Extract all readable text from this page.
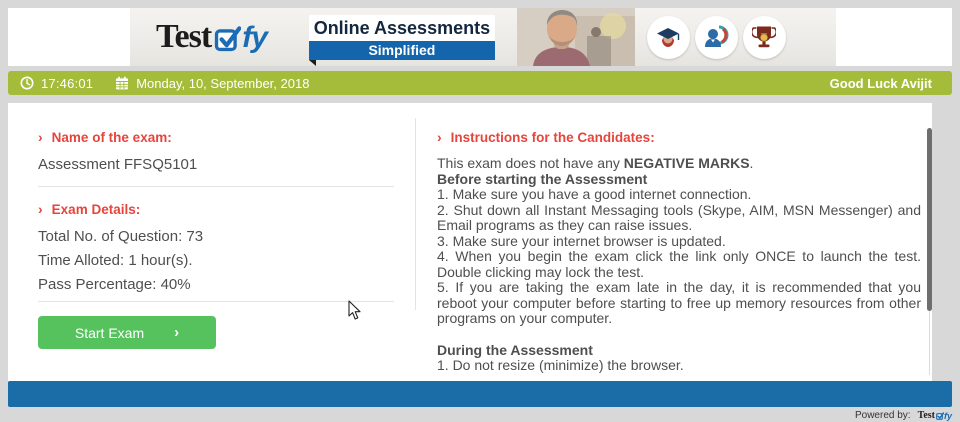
Test fy	Online Assessments
Simplified
17:46:01	Monday, 10, September, 2018	Good Luck Avijit
› Name of the exam:
Assessment FFSQ5101
› Exam Details:
Total No. of Question: 73
Time Alloted: 1 hour(s).
Pass Percentage: 40%
Start Exam ›
› Instructions for the Candidates:
This exam does not have any NEGATIVE MARKS.
Before starting the Assessment
1. Make sure you have a good internet connection.
2. Shut down all Instant Messaging tools (Skype, AIM, MSN Messenger) and Email programs as they can raise issues.
3. Make sure your internet browser is updated.
4. When you begin the exam click the link only ONCE to launch the test. Double clicking may lock the test.
5. If you are taking the exam late in the day, it is recommended that you reboot your computer before starting to free up memory resources from other programs on your computer.
During the Assessment
1. Do not resize (minimize) the browser.
Powered by: Test fy
